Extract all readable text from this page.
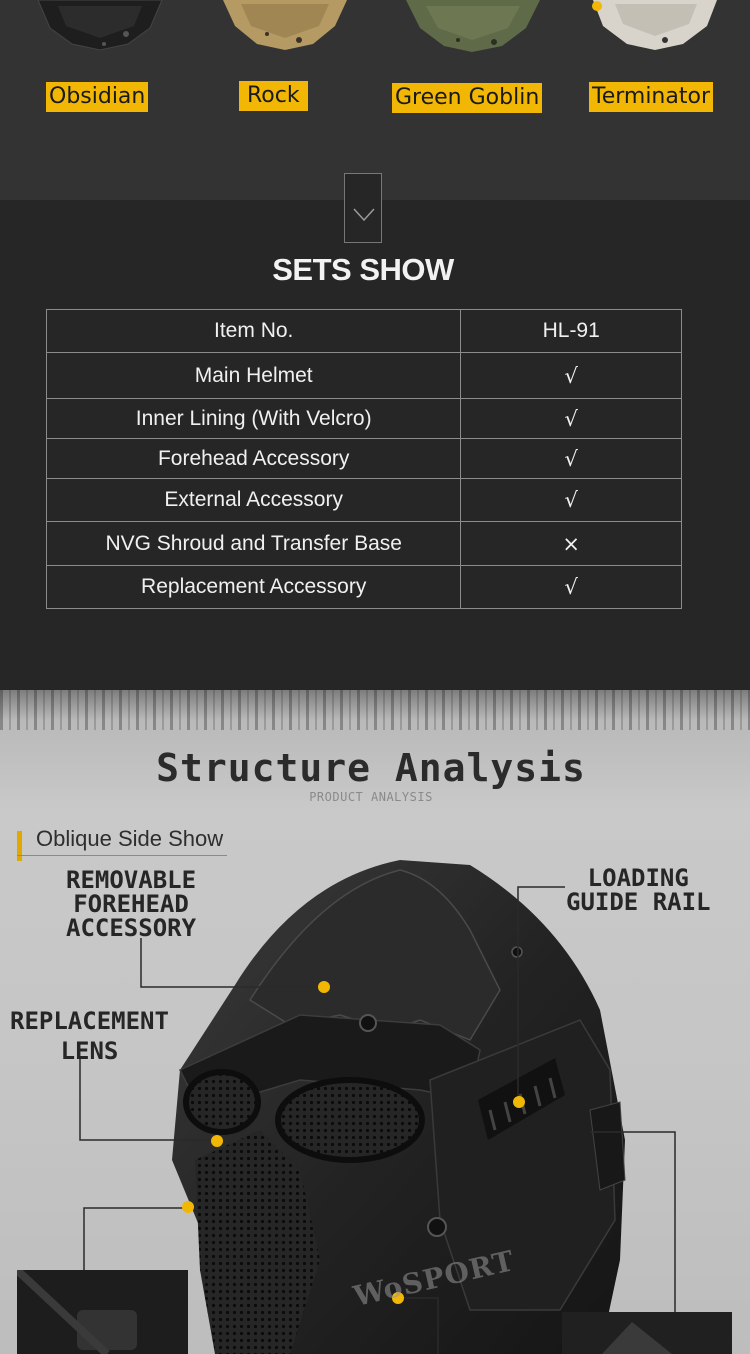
Obsidian	Rock	Green Goblin Terminator
SETS SHOW
Item No.	HL-91
Main Helmet	√
Inner Lining (With Velcro)	√
Forehead Accessory	√
External Accessory	√
NVG Shroud and Transfer Base	×
Replacement Accessory	√
Structure Analysis
PRODUCT ANALYSIS
Oblique Side Show
REMOVABLE
FOREHEAD
ACCESSORY
LOADING
GUIDE RAIL
REPLACEMENT
LENS
WoSPORT
